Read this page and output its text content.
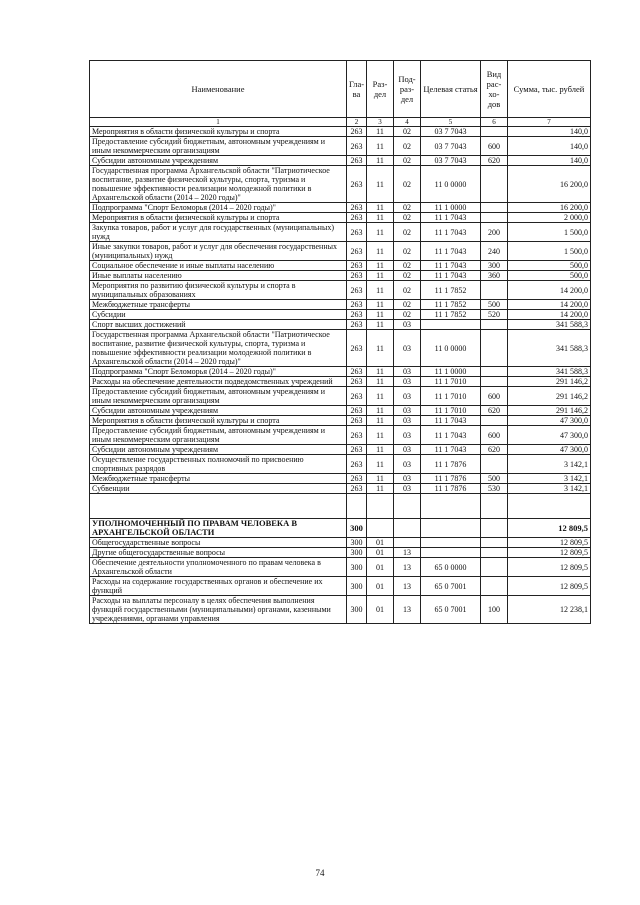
Наименование	Гла-ва	Раз-дел	Под-раз-дел	Целевая статья	Вид рас-хо-дов	Сумма, тыс. рублей
1	2	3	4	5	6	7
Мероприятия в области физической культуры и спорта	263	11	02	03 7 7043		140,0
Предоставление субсидий бюджетным, автономным учреждениям и иным некоммерческим организациям	263	11	02	03 7 7043	600	140,0
Субсидии автономным учреждениям	263	11	02	03 7 7043	620	140,0
Государственная программа Архангельской области "Патриотическое воспитание, развитие физической культуры, спорта, туризма и повышение эффективности реализации молодежной политики в Архангельской области (2014 – 2020 годы)"	263	11	02	11 0 0000		16 200,0
Подпрограмма "Спорт Беломорья (2014 – 2020 годы)"	263	11	02	11 1 0000		16 200,0
Мероприятия в области физической культуры и спорта	263	11	02	11 1 7043		2 000,0
Закупка товаров, работ и услуг для государственных (муниципальных) нужд	263	11	02	11 1 7043	200	1 500,0
Иные закупки товаров, работ и услуг для обеспечения государственных (муниципальных) нужд	263	11	02	11 1 7043	240	1 500,0
Социальное обеспечение и иные выплаты населению	263	11	02	11 1 7043	300	500,0
Иные выплаты населению	263	11	02	11 1 7043	360	500,0
Мероприятия по развитию физической культуры и спорта в муниципальных образованиях	263	11	02	11 1 7852		14 200,0
Межбюджетные трансферты	263	11	02	11 1 7852	500	14 200,0
Субсидии	263	11	02	11 1 7852	520	14 200,0
Спорт высших достижений	263	11	03			341 588,3
Государственная программа Архангельской области "Патриотическое воспитание, развитие физической культуры, спорта, туризма и повышение эффективности реализации молодежной политики в Архангельской области (2014 – 2020 годы)"	263	11	03	11 0 0000		341 588,3
Подпрограмма "Спорт Беломорья (2014 – 2020 годы)"	263	11	03	11 1 0000		341 588,3
Расходы на обеспечение деятельности подведомственных учреждений	263	11	03	11 1 7010		291 146,2
Предоставление субсидий бюджетным, автономным учреждениям и иным некоммерческим организациям	263	11	03	11 1 7010	600	291 146,2
Субсидии автономным учреждениям	263	11	03	11 1 7010	620	291 146,2
Мероприятия в области физической культуры и спорта	263	11	03	11 1 7043		47 300,0
Предоставление субсидий бюджетным, автономным учреждениям и иным некоммерческим организациям	263	11	03	11 1 7043	600	47 300,0
Субсидии автономным учреждениям	263	11	03	11 1 7043	620	47 300,0
Осуществление государственных полномочий по присвоению спортивных разрядов	263	11	03	11 1 7876		3 142,1
Межбюджетные трансферты	263	11	03	11 1 7876	500	3 142,1
Субвенции	263	11	03	11 1 7876	530	3 142,1

УПОЛНОМОЧЕННЫЙ ПО ПРАВАМ ЧЕЛОВЕКА В АРХАНГЕЛЬСКОЙ ОБЛАСТИ	300					12 809,5
Общегосударственные вопросы	300	01				12 809,5
Другие общегосударственные вопросы	300	01	13			12 809,5
Обеспечение деятельности уполномоченного по правам человека в Архангельской области	300	01	13	65 0 0000		12 809,5
Расходы на содержание государственных органов и обеспечение их функций	300	01	13	65 0 7001		12 809,5
Расходы на выплаты персоналу в целях обеспечения выполнения функций государственными (муниципальными) органами, казенными учреждениями, органами управления	300	01	13	65 0 7001	100	12 238,1
74
